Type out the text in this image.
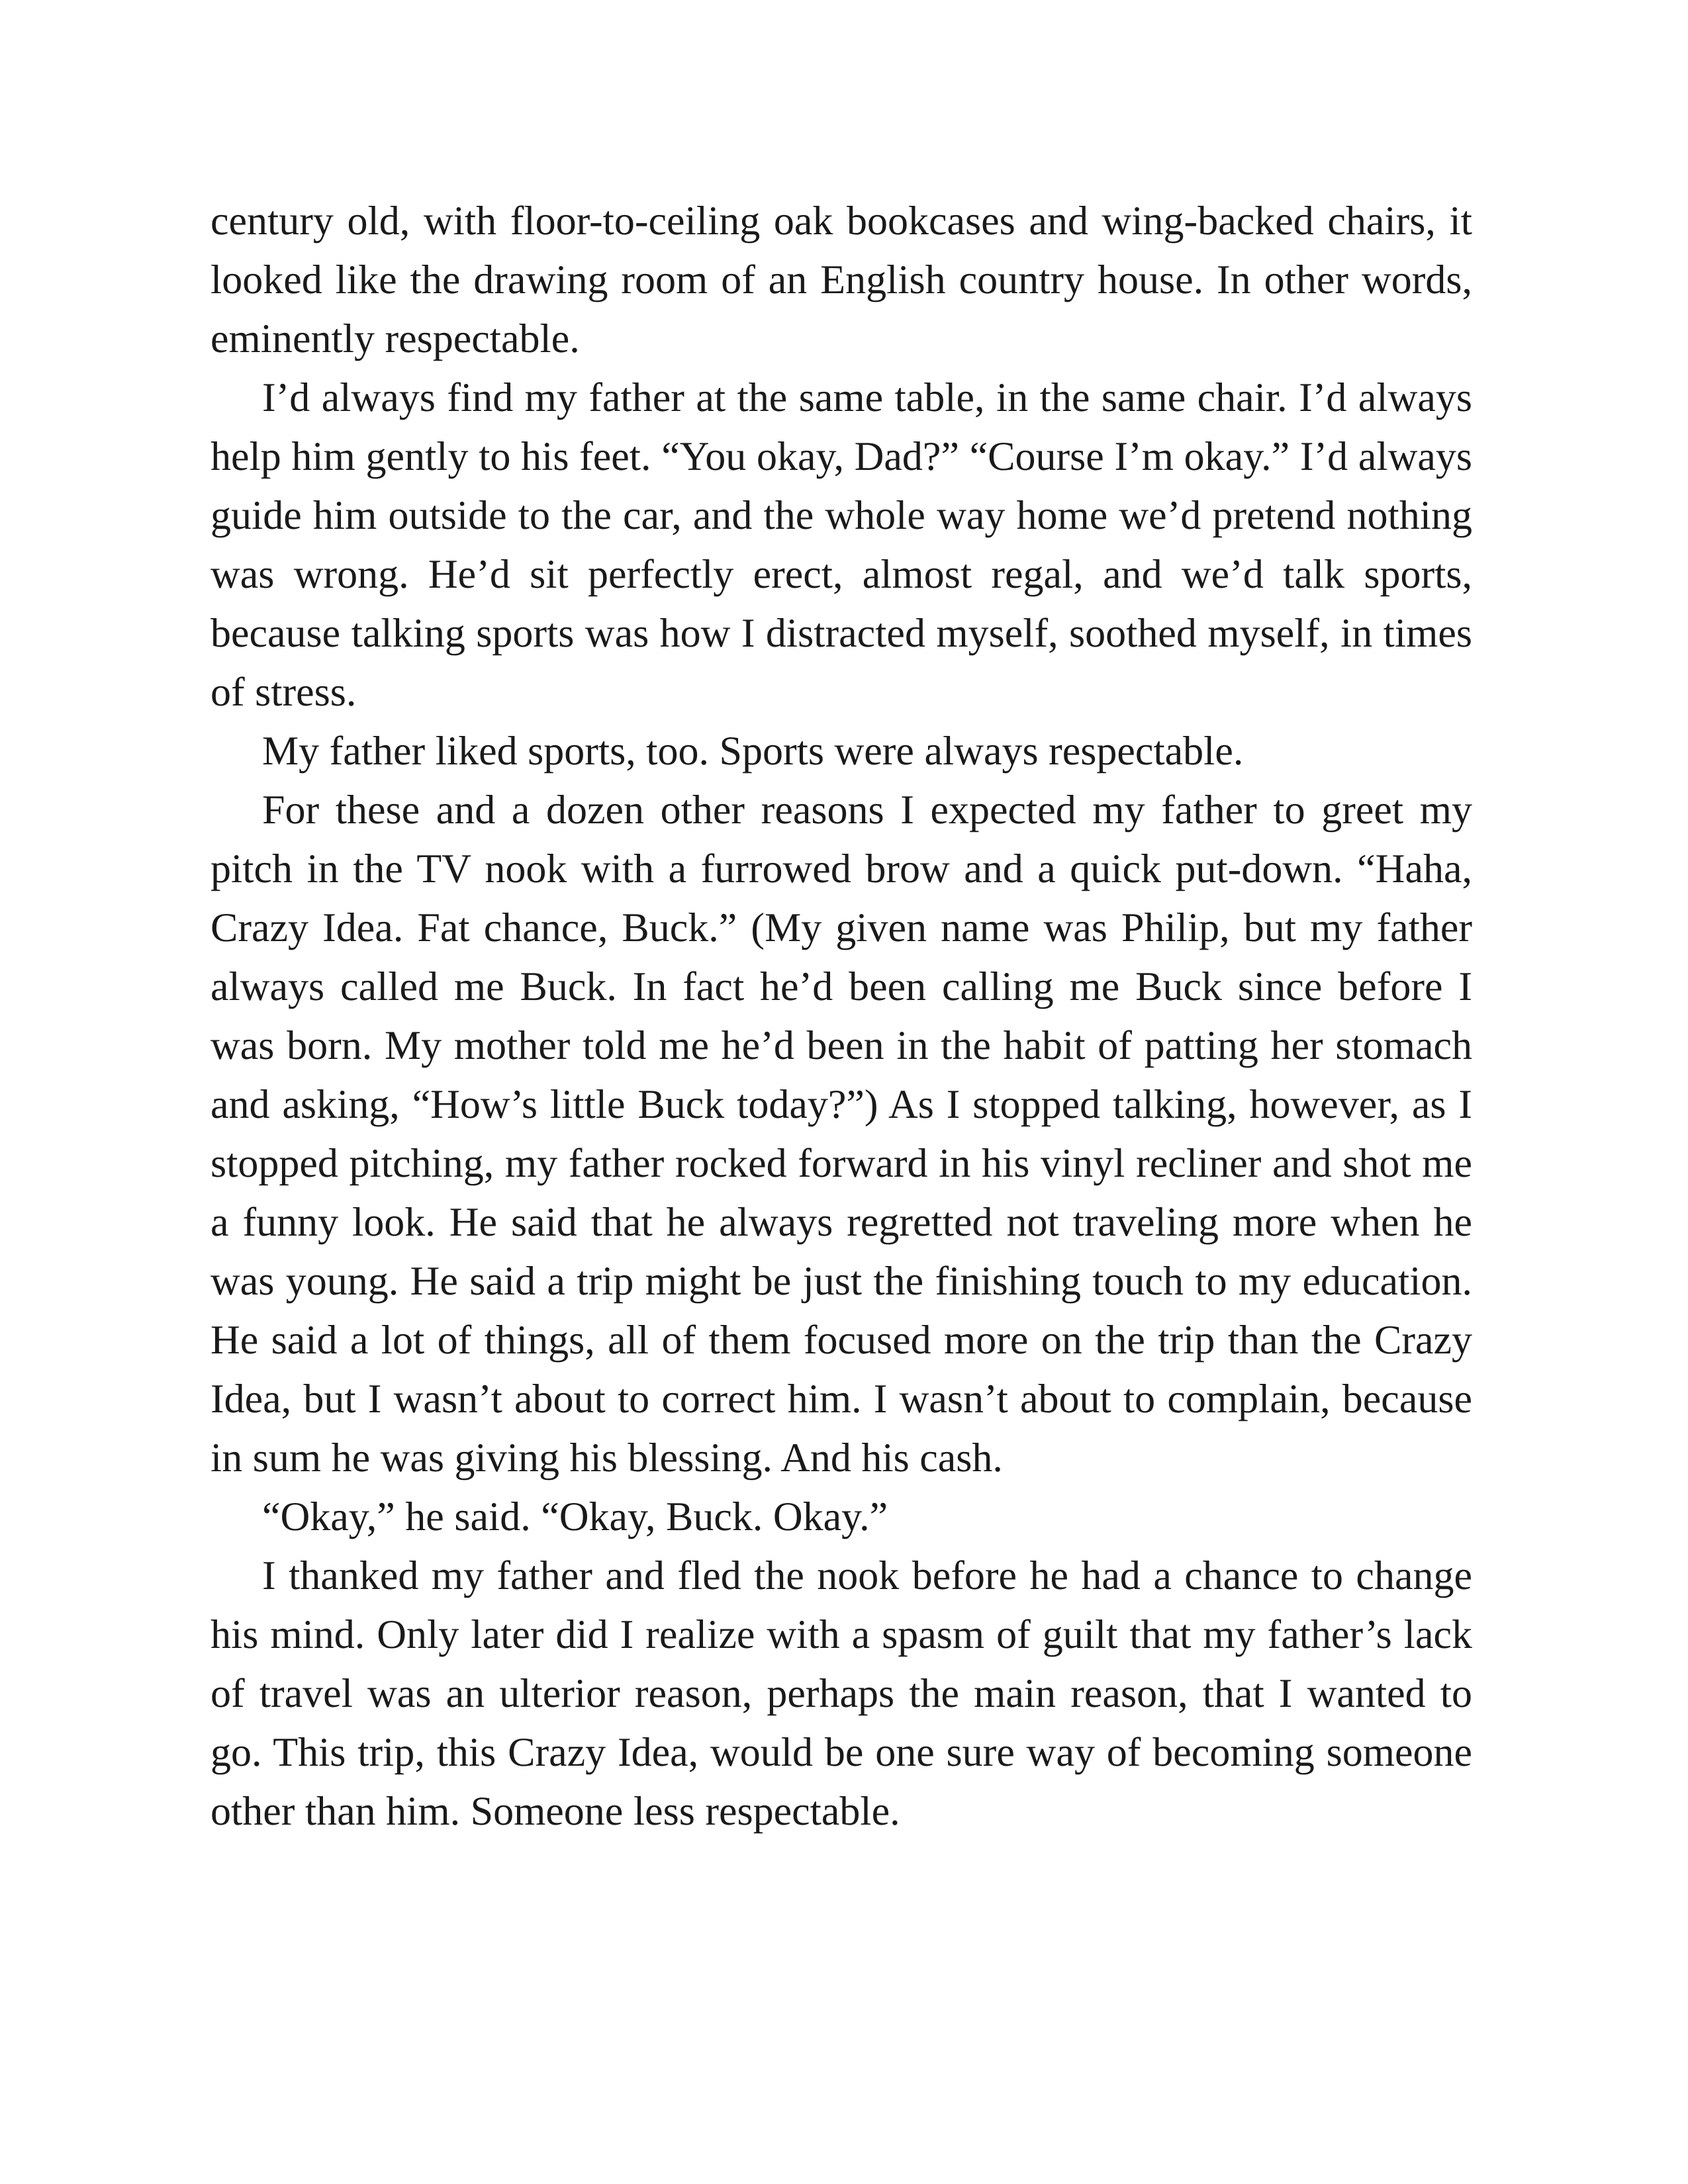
century old, with floor-to-ceiling oak bookcases and wing-backed chairs, it looked like the drawing room of an English country house. In other words, eminently respectable.

I’d always find my father at the same table, in the same chair. I’d always help him gently to his feet. “You okay, Dad?” “Course I’m okay.” I’d always guide him outside to the car, and the whole way home we’d pretend nothing was wrong. He’d sit perfectly erect, almost regal, and we’d talk sports, because talking sports was how I distracted myself, soothed myself, in times of stress.

My father liked sports, too. Sports were always respectable.

For these and a dozen other reasons I expected my father to greet my pitch in the TV nook with a furrowed brow and a quick put-down. “Haha, Crazy Idea. Fat chance, Buck.” (My given name was Philip, but my father always called me Buck. In fact he’d been calling me Buck since before I was born. My mother told me he’d been in the habit of patting her stomach and asking, “How’s little Buck today?”) As I stopped talking, however, as I stopped pitching, my father rocked forward in his vinyl recliner and shot me a funny look. He said that he always regretted not traveling more when he was young. He said a trip might be just the finishing touch to my education. He said a lot of things, all of them focused more on the trip than the Crazy Idea, but I wasn’t about to correct him. I wasn’t about to complain, because in sum he was giving his blessing. And his cash.

“Okay,” he said. “Okay, Buck. Okay.”

I thanked my father and fled the nook before he had a chance to change his mind. Only later did I realize with a spasm of guilt that my father’s lack of travel was an ulterior reason, perhaps the main reason, that I wanted to go. This trip, this Crazy Idea, would be one sure way of becoming someone other than him. Someone less respectable.
